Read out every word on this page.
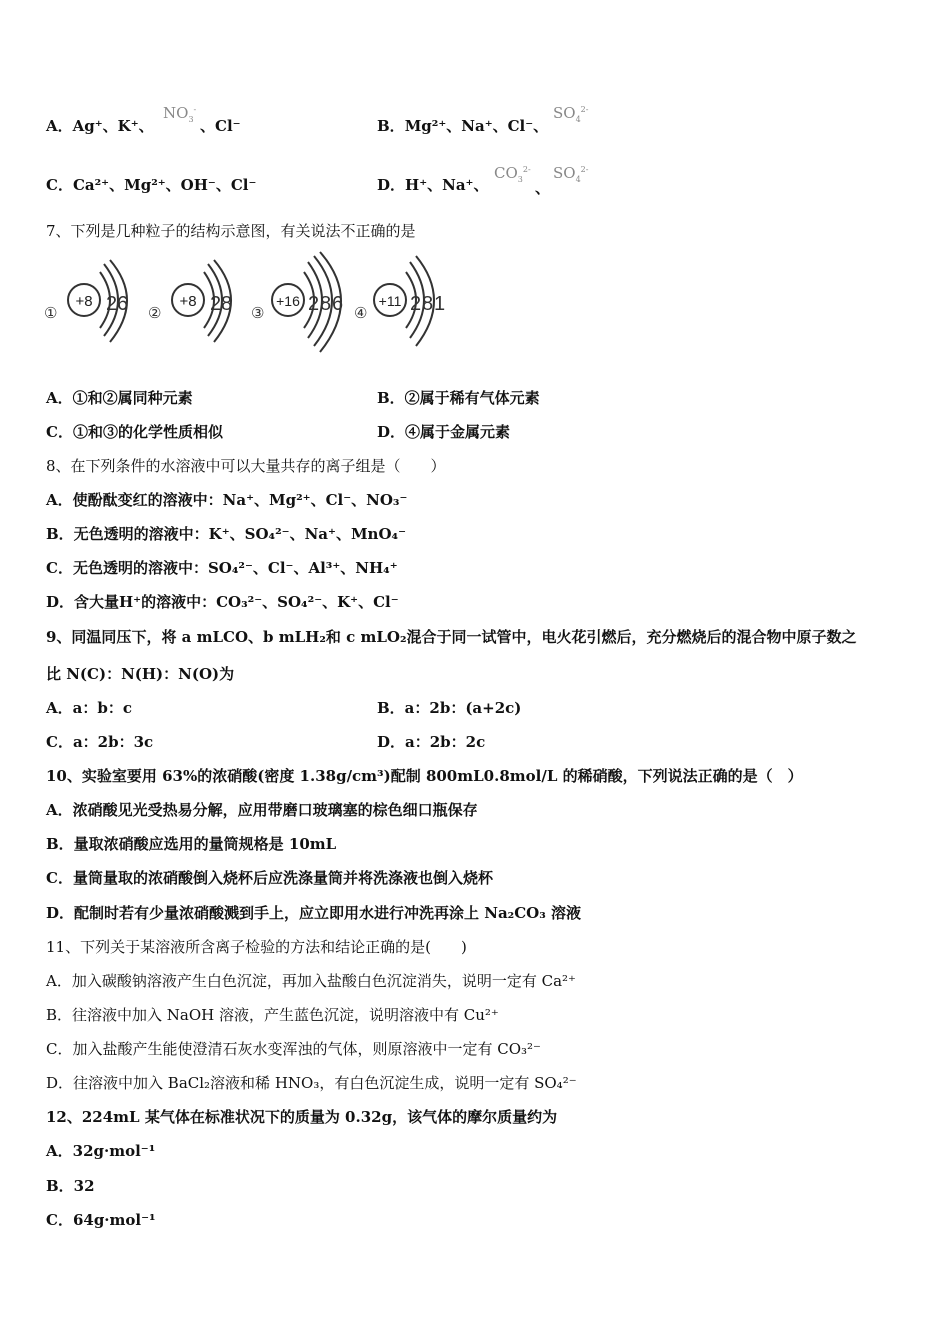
A．Ag⁺、K⁺、
$NO_3^-$
、Cl⁻	B．Mg²⁺、Na⁺、Cl⁻、
$SO_4^{2-}$
C．Ca²⁺、Mg²⁺、OH⁻、Cl⁻	D．H⁺、Na⁺、
$CO_3^{2-}$
、
$SO_4^{2-}$
7、下列是几种粒子的结构示意图，有关说法不正确的是
①
+8 2 6 ②
+8 2 8 ③
+16 2 8 6 ④
+11 2 8 1
A．①和②属同种元素	B．②属于稀有气体元素
C．①和③的化学性质相似	D．④属于金属元素
8、在下列条件的水溶液中可以大量共存的离子组是（　　）
A．使酚酞变红的溶液中：Na⁺、Mg²⁺、Cl⁻、NO₃⁻
B．无色透明的溶液中：K⁺、SO₄²⁻、Na⁺、MnO₄⁻
C．无色透明的溶液中：SO₄²⁻、Cl⁻、Al³⁺、NH₄⁺
D．含大量H⁺的溶液中：CO₃²⁻、SO₄²⁻、K⁺、Cl⁻
9、同温同压下，将 a mLCO、b mLH₂和 c mLO₂混合于同一试管中，电火花引燃后，充分燃烧后的混合物中原子数之
比 N(C)：N(H)：N(O)为
A．a：b：c	B．a：2b：(a+2c)
C．a：2b：3c	D．a：2b：2c
10、实验室要用 63%的浓硝酸(密度 1.38g/cm³)配制 800mL0.8mol/L 的稀硝酸，下列说法正确的是（　）
A．浓硝酸见光受热易分解，应用带磨口玻璃塞的棕色细口瓶保存
B．量取浓硝酸应选用的量筒规格是 10mL
C．量筒量取的浓硝酸倒入烧杯后应洗涤量筒并将洗涤液也倒入烧杯
D．配制时若有少量浓硝酸溅到手上，应立即用水进行冲洗再涂上 Na₂CO₃ 溶液
11、下列关于某溶液所含离子检验的方法和结论正确的是(　　)
A．加入碳酸钠溶液产生白色沉淀，再加入盐酸白色沉淀消失，说明一定有 Ca²⁺
B．往溶液中加入 NaOH 溶液，产生蓝色沉淀，说明溶液中有 Cu²⁺
C．加入盐酸产生能使澄清石灰水变浑浊的气体，则原溶液中一定有 CO₃²⁻
D．往溶液中加入 BaCl₂溶液和稀 HNO₃，有白色沉淀生成，说明一定有 SO₄²⁻
12、224mL 某气体在标准状况下的质量为 0.32g，该气体的摩尔质量约为
A．32g·mol⁻¹
B．32
C．64g·mol⁻¹
